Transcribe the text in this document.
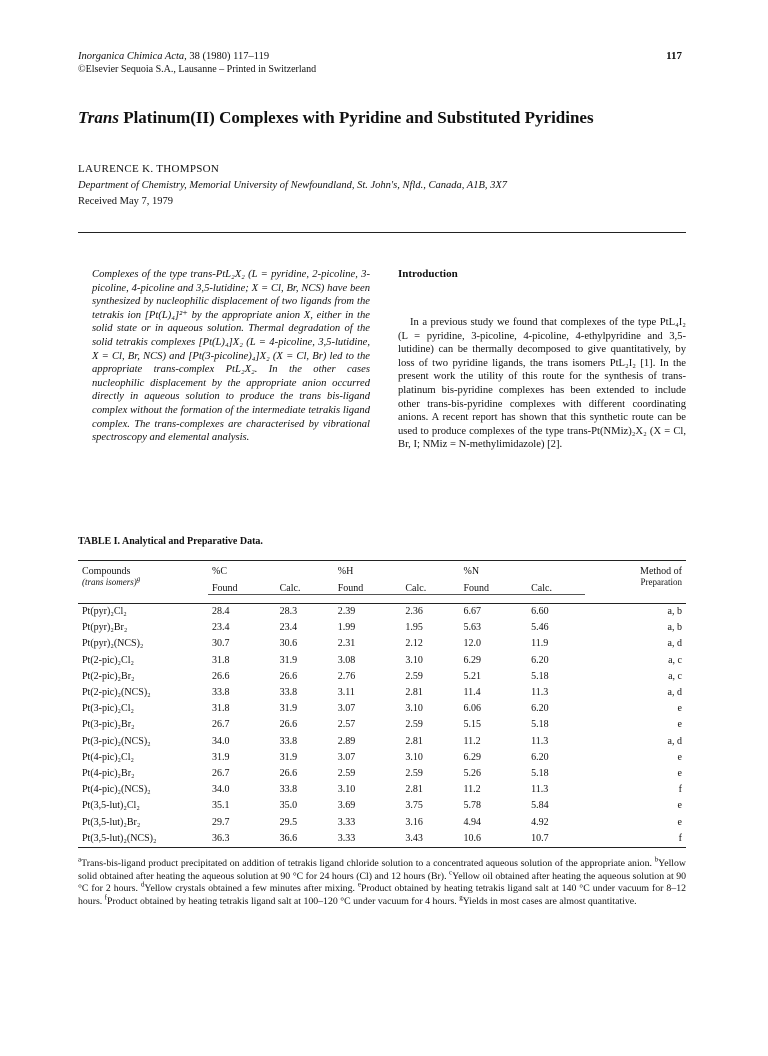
Inorganica Chimica Acta, 38 (1980) 117–119
©Elsevier Sequoia S.A., Lausanne – Printed in Switzerland
117
Trans Platinum(II) Complexes with Pyridine and Substituted Pyridines
LAURENCE K. THOMPSON
Department of Chemistry, Memorial University of Newfoundland, St. John's, Nfld., Canada, A1B, 3X7
Received May 7, 1979
Complexes of the type trans-PtL₂X₂ (L = pyridine, 2-picoline, 3-picoline, 4-picoline and 3,5-lutidine; X = Cl, Br, NCS) have been synthesized by nucleophilic displacement of two ligands from the tetrakis ion [Pt(L)₄]²⁺ by the appropriate anion X, either in the solid state or in aqueous solution. Thermal degradation of the solid tetrakis complexes [Pt(L)₄]X₂ (L = 4-picoline, 3,5-lutidine, X = Cl, Br, NCS) and [Pt(3-picoline)₄]X₂ (X = Cl, Br) led to the appropriate trans-complex PtL₂X₂. In the other cases nucleophilic displacement by the appropriate anion occurred directly in aqueous solution to produce the trans bis-ligand complex without the formation of the intermediate tetrakis ligand complex. The trans-complexes are characterised by vibrational spectroscopy and elemental analysis.
Introduction
In a previous study we found that complexes of the type PtL₄I₂ (L = pyridine, 3-picoline, 4-picoline, 4-ethylpyridine and 3,5-lutidine) can be thermally decomposed to give quantitatively, by loss of two pyridine ligands, the trans isomers PtL₂I₂ [1]. In the present work the utility of this route for the synthesis of trans-platinum bis-pyridine complexes has been extended to include other trans-bis-pyridine complexes with different coordinating anions. A recent report has shown that this synthetic route can be used to produce complexes of the type trans-Pt(NMiz)₂X₂ (X = Cl, Br, I; NMiz = N-methylimidazole) [2].
TABLE I. Analytical and Preparative Data.
Compounds	%C		%H		%N		Method of
(trans isomers)$^g$	Found	Calc.	Found	Calc.	Found	Calc.	Preparation

Pt(pyr)₂Cl₂	28.4	28.3	2.39	2.36	6.67	6.60	a, b
Pt(pyr)₂Br₂	23.4	23.4	1.99	1.95	5.63	5.46	a, b
Pt(pyr)₂(NCS)₂	30.7	30.6	2.31	2.12	12.0	11.9	a, d
Pt(2-pic)₂Cl₂	31.8	31.9	3.08	3.10	6.29	6.20	a, c
Pt(2-pic)₂Br₂	26.6	26.6	2.76	2.59	5.21	5.18	a, c
Pt(2-pic)₂(NCS)₂	33.8	33.8	3.11	2.81	11.4	11.3	a, d
Pt(3-pic)₂Cl₂	31.8	31.9	3.07	3.10	6.06	6.20	e
Pt(3-pic)₂Br₂	26.7	26.6	2.57	2.59	5.15	5.18	e
Pt(3-pic)₂(NCS)₂	34.0	33.8	2.89	2.81	11.2	11.3	a, d
Pt(4-pic)₂Cl₂	31.9	31.9	3.07	3.10	6.29	6.20	e
Pt(4-pic)₂Br₂	26.7	26.6	2.59	2.59	5.26	5.18	e
Pt(4-pic)₂(NCS)₂	34.0	33.8	3.10	2.81	11.2	11.3	f
Pt(3,5-lut)₂Cl₂	35.1	35.0	3.69	3.75	5.78	5.84	e
Pt(3,5-lut)₂Br₂	29.7	29.5	3.33	3.16	4.94	4.92	e
Pt(3,5-lut)₂(NCS)₂	36.3	36.6	3.33	3.43	10.6	10.7	f
$^a$Trans-bis-ligand product precipitated on addition of tetrakis ligand chloride solution to a concentrated aqueous solution of the appropriate anion. $^b$Yellow solid obtained after heating the aqueous solution at 90 °C for 24 hours (Cl) and 12 hours (Br). $^c$Yellow oil obtained after heating the aqueous solution at 90 °C for 2 hours. $^d$Yellow crystals obtained a few minutes after mixing. $^e$Product obtained by heating tetrakis ligand salt at 140 °C under vacuum for 8–12 hours. $^f$Product obtained by heating tetrakis ligand salt at 100–120 °C under vacuum for 4 hours. $^g$Yields in most cases are almost quantitative.
